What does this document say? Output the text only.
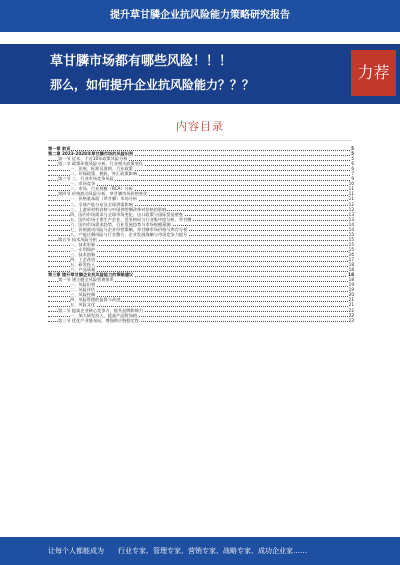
提升草甘膦企业抗风险能力策略研究报告
草甘膦市场都有哪些风险！！！
那么，如何提升企业抗风险能力？？？
力荐
内容目录
第一章 前言	5
第二章 2023-2028年草甘膦市场的风险识别	5
第一节 近年、于近10年政策风险分析	5
第二节 政策环境风险分析、行业相关政策变化	6
一、法规、标准及准则、行业政策	6
二、环保政策、税收、外汇政策影响	7
第三节 二、行业市场竞争风险	9
一、市场竞争	10
二、市场、行业规模（RCA）分析	11
第四节 价格波动风险分析，草甘膦市场价格变化	11
一、价格基本面（草甘膦）市场分析	11
二、全球产能分布及全球供需影响	12
三、上游原材料价格与中国供给侧改革对价格的影响	12
四、国内市场需求与全球市场变化，出口政策与国际贸易壁垒	13
五、国内市场主要生产企业，竞争格局与行业集中度分析，草甘膦	13
六、国内市场需求趋势，行业发展趋势与市场规模预测	14
七、价格波动风险与企业经营策略，草甘膦市场价格与库存分析	14
八、产能过剩风险与行业整合，企业发展战略与市场竞争力提升	15
第五节 技术风险分析	15
一、技术更新	15
二、专利保护	15
三、技术创新	16
四、工艺改进	17
五、研发投入	18
六、产品质量	18
第三章 提升草甘膦企业抗风险能力的策略建议	18
第一节 建立健全风险管理体系	18
一、风险识别	19
二、风险评估	19
三、风险控制	20
四、风险管理的监督与改进	21
五、风险文化	21
第二节 提高企业核心竞争力，提升品牌影响力	22
一、加大研发投入，提高产品附加值	22
第三节 优化产业链布局，增强供应链稳定性	23
让每个人都能成为 行业专家、管理专家、营销专家、战略专家、成功企业家……
